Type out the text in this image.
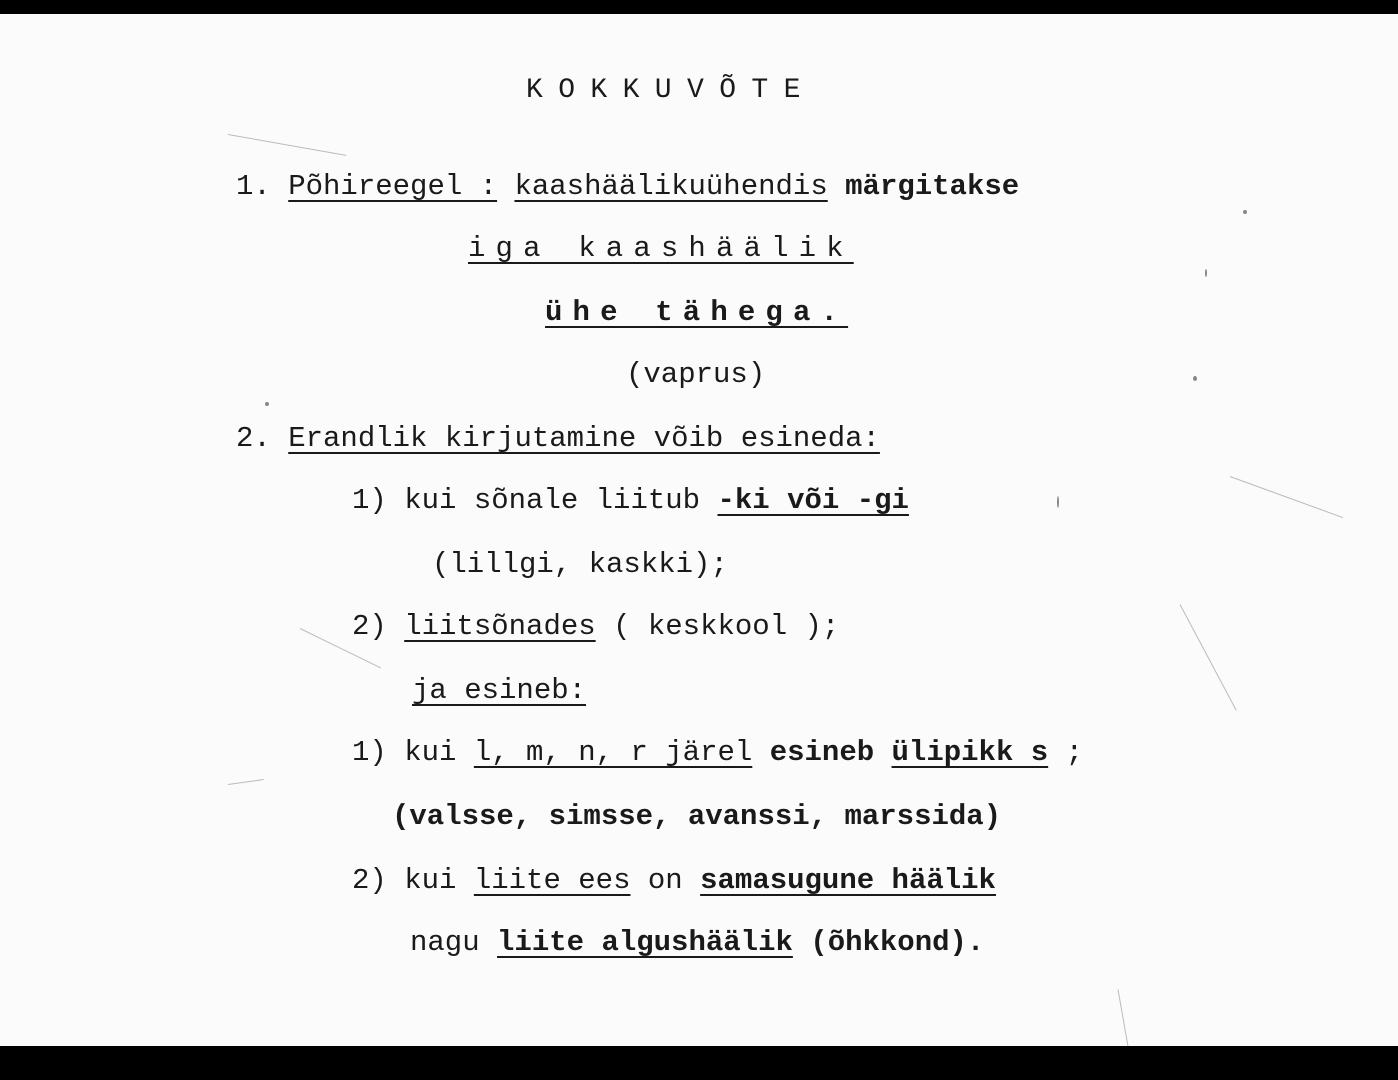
KOKKUVÕTE
1. Põhireegel : kaashäälikuühendis märgitakse
iga kaashäälik
ühe tähega.
(vaprus)
2. Erandlik kirjutamine võib esineda:
1) kui sõnale liitub -ki või -gi
(lillgi, kaskki);
2) liitsõnades ( keskkool );
ja esineb:
1) kui l, m, n, r järel esineb ülipikk s ;
(valsse, simsse, avanssi, marssida)
2) kui liite ees on samasugune häälik
nagu liite algushäälik (õhkkond).
